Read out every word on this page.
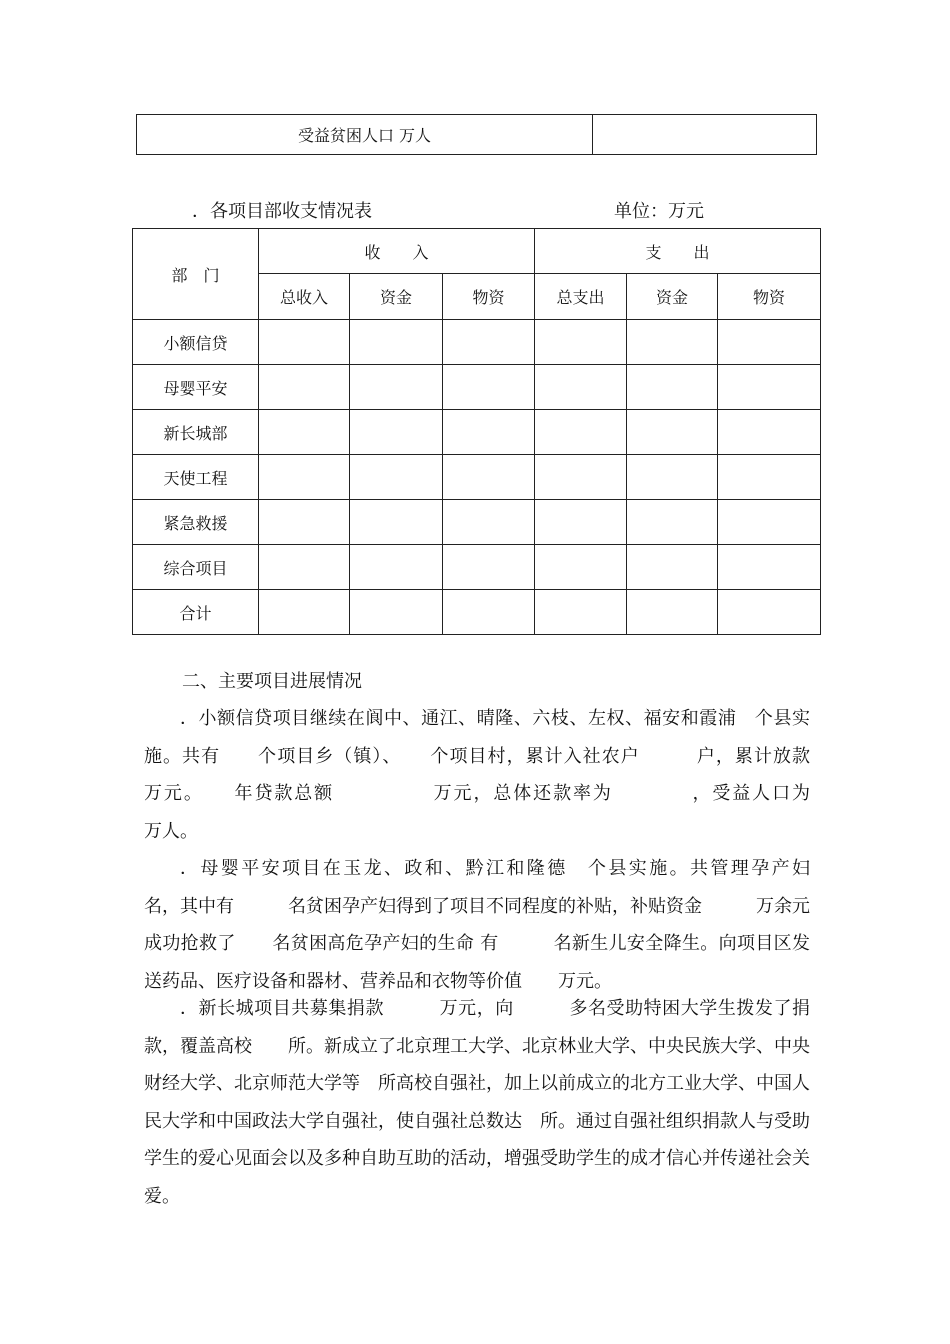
受益贫困人口 万人	
．各项目部收支情况表	单位：万元
部　门	收　　入			支　　出		
	总收入	资金	物资	总支出	资金	物资
小额信贷						
母婴平安						
新长城部						
天使工程						
紧急救援						
综合项目						
合计						
二、主要项目进展情况

．小额信贷项目继续在阆中、通江、晴隆、六枝、左权、福安和霞浦　个县实施。共有　　个项目乡（镇）、　　个项目村，累计入社农户　　　户，累计放款　　　　万元。　　年贷款总额　　　　　万元，总体还款率为　　　　，受益人口为　　　万人。

．母婴平安项目在玉龙、政和、黔江和隆德　个县实施。共管理孕产妇　　　名，其中有　　　名贫困孕产妇得到了项目不同程度的补贴，补贴资金　　　万余元　成功抢救了　　名贫困高危孕产妇的生命 有　　　名新生儿安全降生。向项目区发送药品、医疗设备和器材、营养品和衣物等价值　　万元。

．新长城项目共募集捐款　　　万元，向　　　多名受助特困大学生拨发了捐款，覆盖高校　　所。新成立了北京理工大学、北京林业大学、中央民族大学、中央财经大学、北京师范大学等　所高校自强社，加上以前成立的北方工业大学、中国人民大学和中国政法大学自强社，使自强社总数达　所。通过自强社组织捐款人与受助学生的爱心见面会以及多种自助互助的活动，增强受助学生的成才信心并传递社会关爱。
